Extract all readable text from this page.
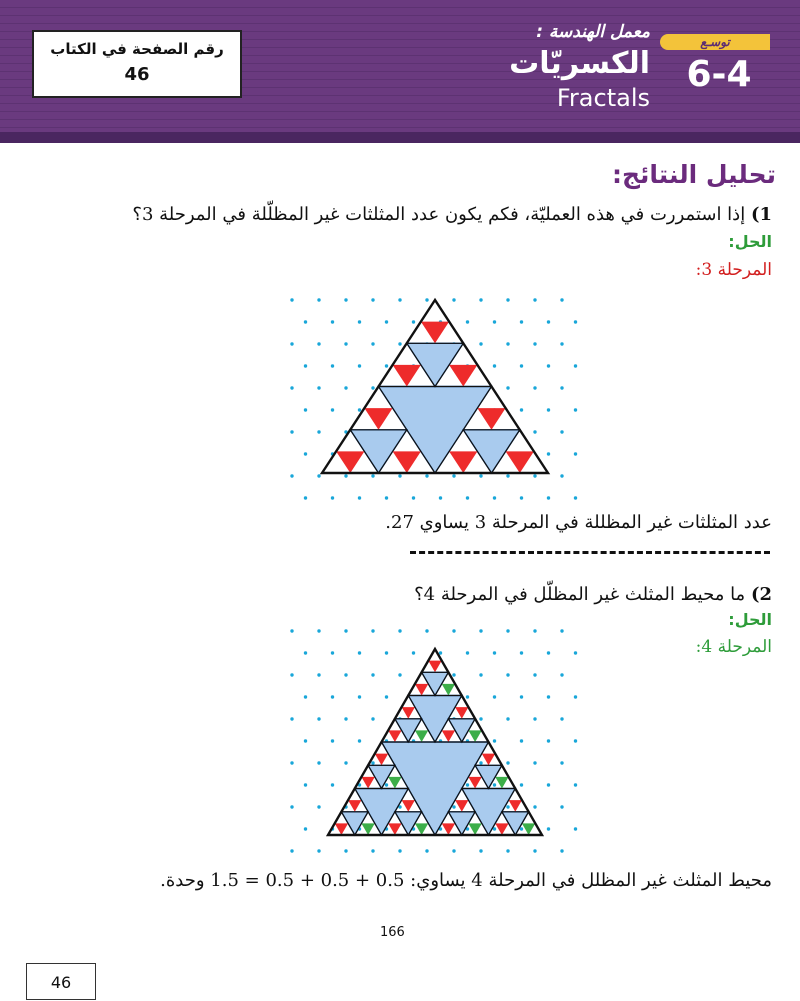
رقم الصفحة في الكتاب
46
معمل الهندسة :
الكسريّات
Fractals
توسـع
6-4
تحليل النتائج:
1) إذا استمررت في هذه العمليّة، فكم يكون عدد المثلثات غير المظلّلة في المرحلة 3؟
الحل:
المرحلة 3:
عدد المثلثات غير المظللة في المرحلة 3 يساوي 27.
2) ما محيط المثلث غير المظلّل في المرحلة 4؟
الحل:
المرحلة 4:
محيط المثلث غير المظلل في المرحلة 4 يساوي: 0.5 + 0.5 + 0.5 = 1.5 وحدة.
166
46
